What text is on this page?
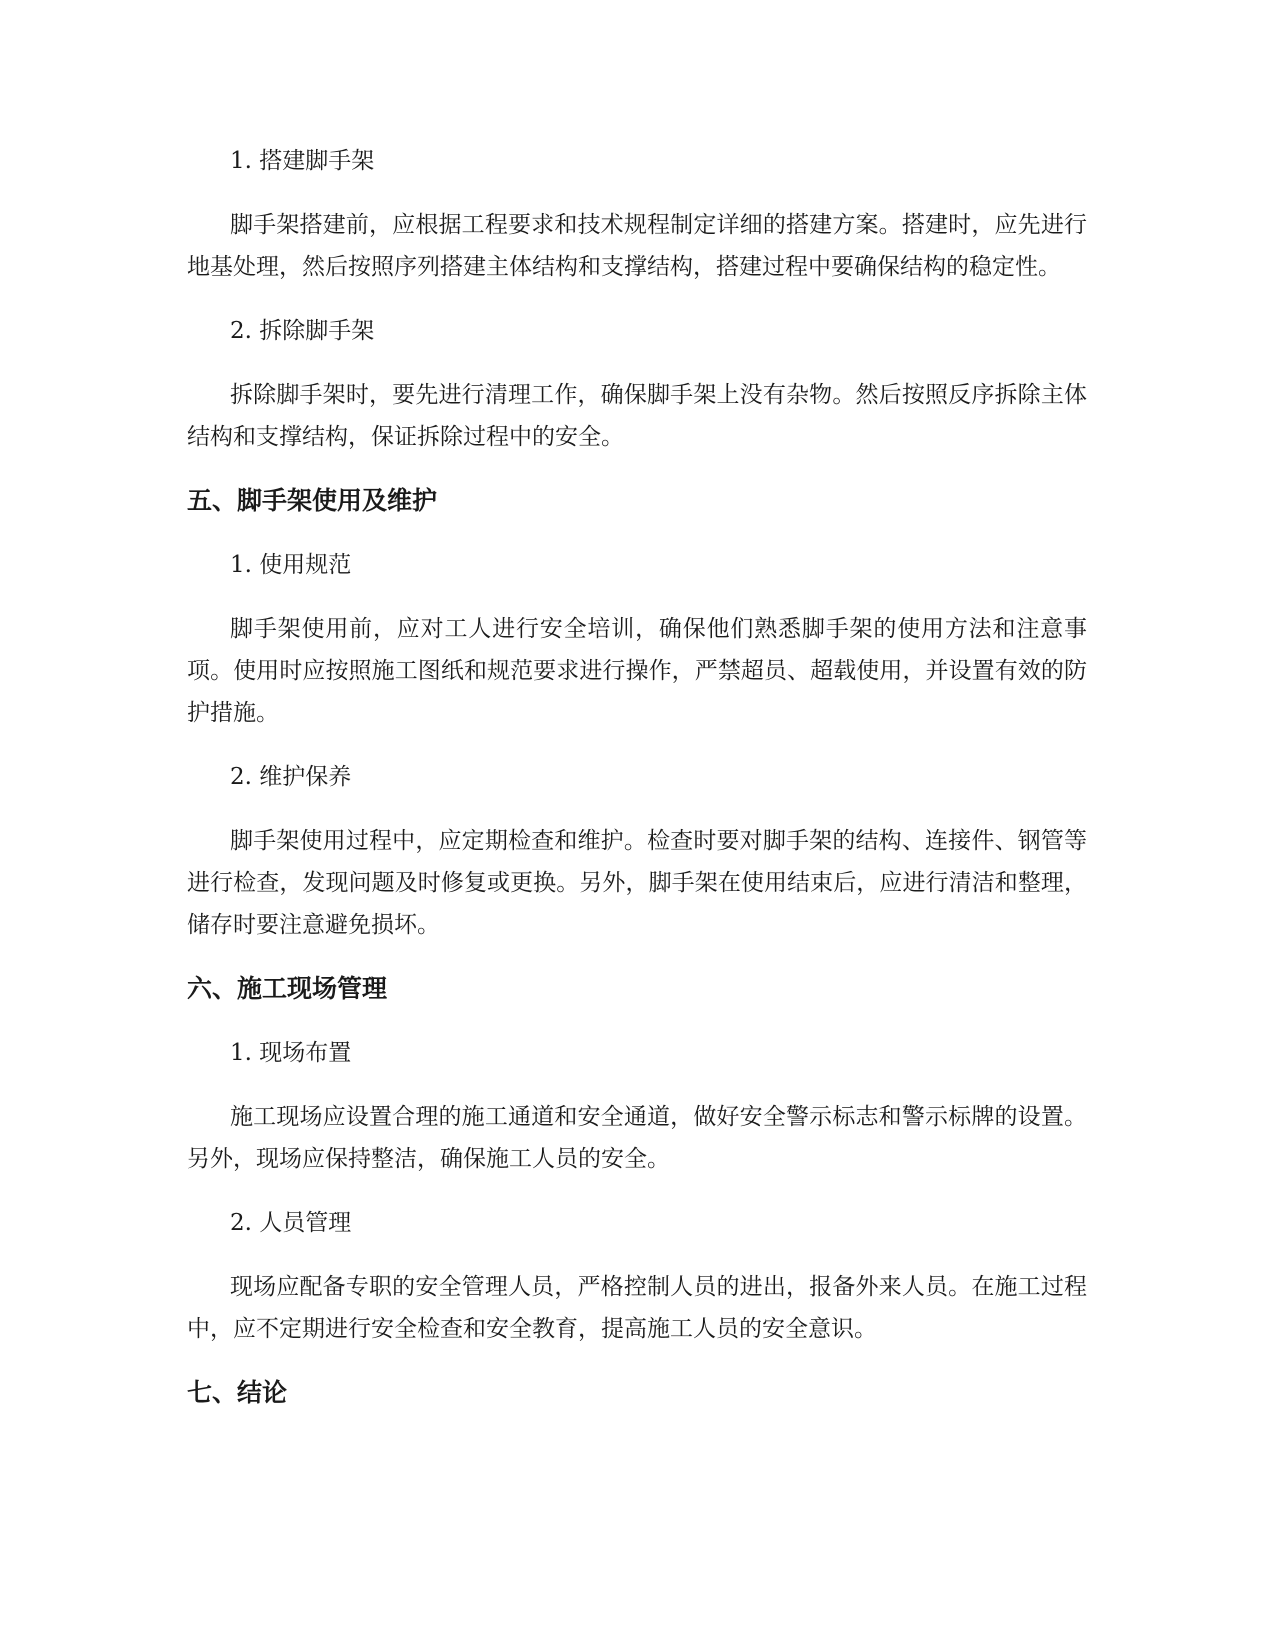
1. 搭建脚手架

脚手架搭建前，应根据工程要求和技术规程制定详细的搭建方案。搭建时，应先进行地基处理，然后按照序列搭建主体结构和支撑结构，搭建过程中要确保结构的稳定性。

2. 拆除脚手架

拆除脚手架时，要先进行清理工作，确保脚手架上没有杂物。然后按照反序拆除主体结构和支撑结构，保证拆除过程中的安全。

五、脚手架使用及维护
1. 使用规范

脚手架使用前，应对工人进行安全培训，确保他们熟悉脚手架的使用方法和注意事项。使用时应按照施工图纸和规范要求进行操作，严禁超员、超载使用，并设置有效的防护措施。

2. 维护保养

脚手架使用过程中，应定期检查和维护。检查时要对脚手架的结构、连接件、钢管等进行检查，发现问题及时修复或更换。另外，脚手架在使用结束后，应进行清洁和整理，储存时要注意避免损坏。

六、施工现场管理
1. 现场布置

施工现场应设置合理的施工通道和安全通道，做好安全警示标志和警示标牌的设置。另外，现场应保持整洁，确保施工人员的安全。

2. 人员管理

现场应配备专职的安全管理人员，严格控制人员的进出，报备外来人员。在施工过程中，应不定期进行安全检查和安全教育，提高施工人员的安全意识。

七、结论
